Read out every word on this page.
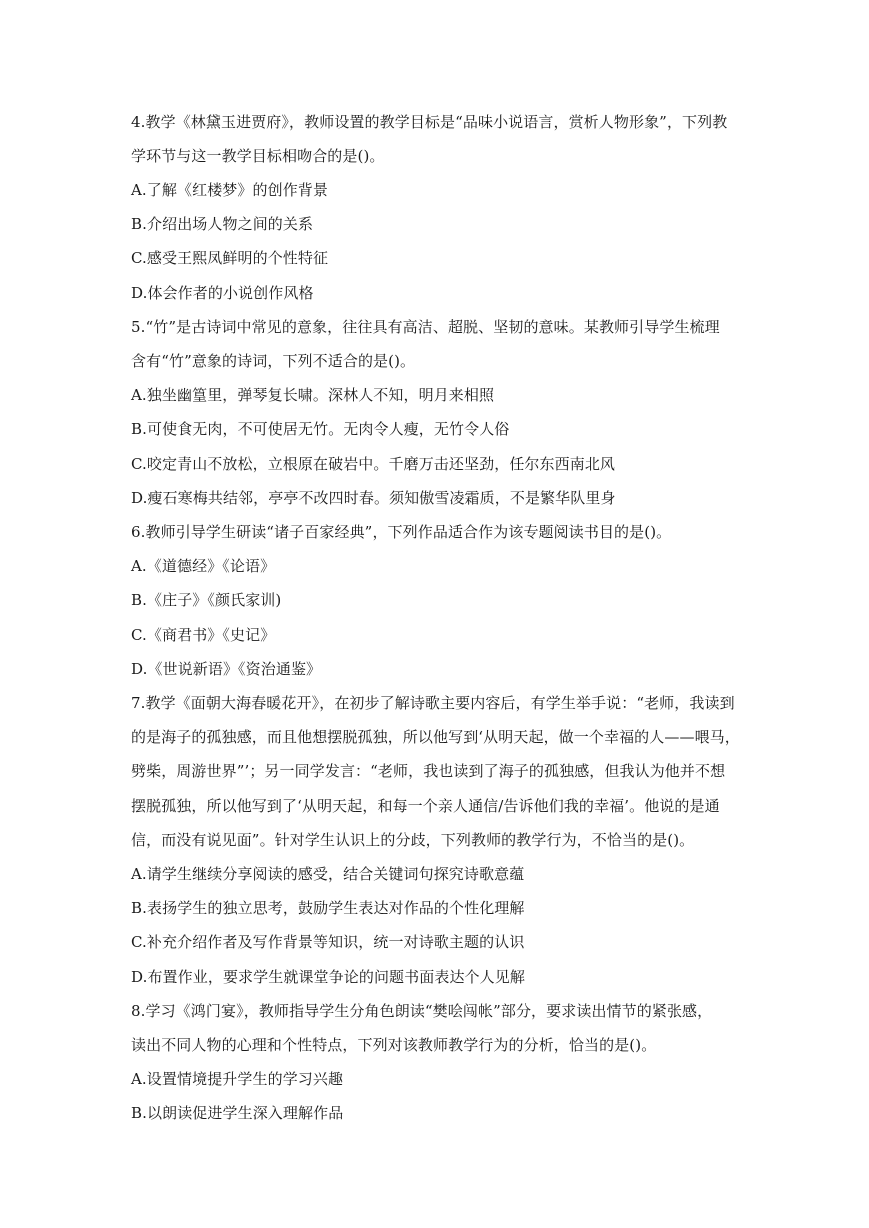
4.教学《林黛玉进贾府》，教师设置的教学目标是“品味小说语言，赏析人物形象”，下列教
学环节与这一教学目标相吻合的是()。
A.了解《红楼梦》的创作背景
B.介绍出场人物之间的关系
C.感受王熙凤鲜明的个性特征
D.体会作者的小说创作风格
5.“竹”是古诗词中常见的意象，往往具有高洁、超脱、坚韧的意味。某教师引导学生梳理
含有“竹”意象的诗词，下列不适合的是()。
A.独坐幽篁里，弹琴复长啸。深林人不知，明月来相照
B.可使食无肉，不可使居无竹。无肉令人瘦，无竹令人俗
C.咬定青山不放松，立根原在破岩中。千磨万击还坚劲，任尔东西南北风
D.瘦石寒梅共结邻，亭亭不改四时春。须知傲雪凌霜质，不是繁华队里身
6.教师引导学生研读“诸子百家经典”，下列作品适合作为该专题阅读书目的是()。
A.《道德经》《论语》
B.《庄子》《颜氏家训)
C.《商君书》《史记》
D.《世说新语》《资治通鉴》
7.教学《面朝大海春暖花开》，在初步了解诗歌主要内容后，有学生举手说：“老师，我读到
的是海子的孤独感，而且他想摆脱孤独，所以他写到‘从明天起，做一个幸福的人——喂马，
劈柴，周游世界”’；另一同学发言：“老师，我也读到了海子的孤独感，但我认为他并不想
摆脱孤独，所以他写到了‘从明天起，和每一个亲人通信/告诉他们我的幸福’。他说的是通
信，而没有说见面”。针对学生认识上的分歧，下列教师的教学行为，不恰当的是()。
A.请学生继续分享阅读的感受，结合关键词句探究诗歌意蕴
B.表扬学生的独立思考，鼓励学生表达对作品的个性化理解
C.补充介绍作者及写作背景等知识，统一对诗歌主题的认识
D.布置作业，要求学生就课堂争论的问题书面表达个人见解
8.学习《鸿门宴》，教师指导学生分角色朗读“樊哙闯帐”部分，要求读出情节的紧张感，
读出不同人物的心理和个性特点，下列对该教师教学行为的分析，恰当的是()。
A.设置情境提升学生的学习兴趣
B.以朗读促进学生深入理解作品
